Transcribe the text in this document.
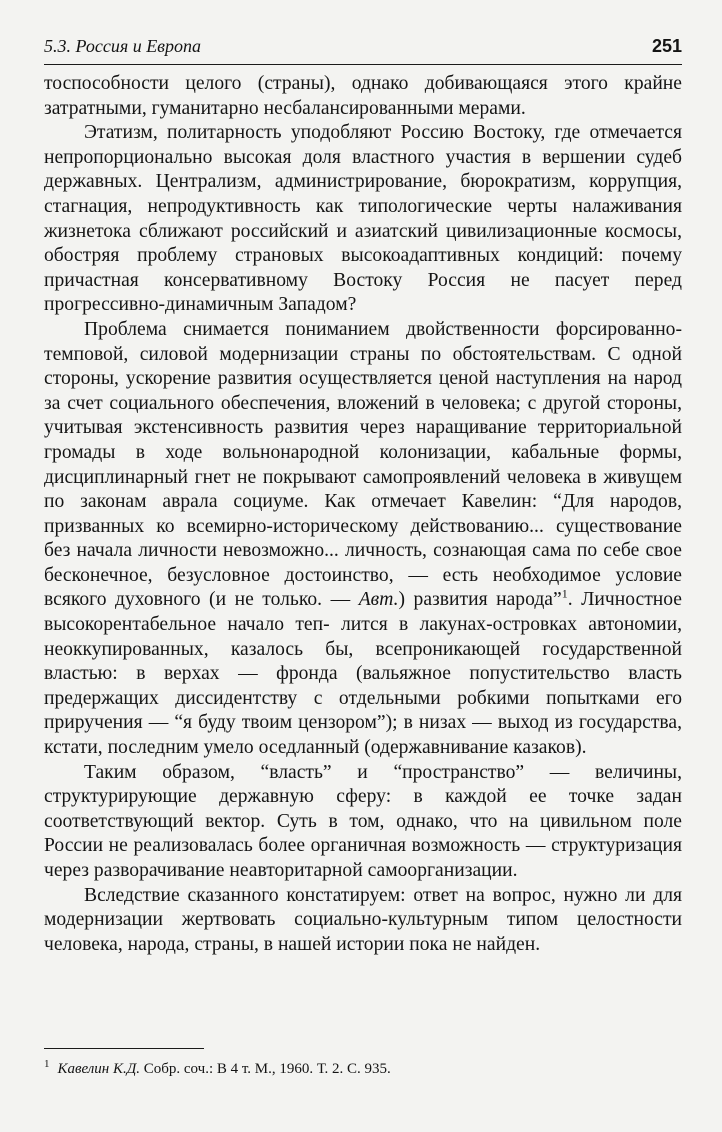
5.3. Россия и Европа	251

тоспособности целого (страны), однако добивающаяся этого крайне затратными, гуманитарно несбалансированными мерами.

Этатизм, политарность уподобляют Россию Востоку, где отмечается непропорционально высокая доля властного участия в вершении судеб державных. Централизм, администрирование, бюрократизм, коррупция, стагнация, непродуктивность как типологические черты налаживания жизнетока сближают российский и азиатский цивилизационные космосы, обостряя проблему страновых высокоадаптивных кондиций: почему причастная консервативному Востоку Россия не пасует перед прогрессивно-динамичным Западом?

Проблема снимается пониманием двойственности форсированно-темповой, силовой модернизации страны по обстоятельствам. С одной стороны, ускорение развития осуществляется ценой наступления на народ за счет социального обеспечения, вложений в человека; с другой стороны, учитывая экстенсивность развития через наращивание территориальной громады в ходе вольнонародной колонизации, кабальные формы, дисциплинарный гнет не покрывают самопроявлений человека в живущем по законам аврала социуме. Как отмечает Кавелин: “Для народов, призванных ко всемирно-историческому действованию... существование без начала личности невозможно... личность, сознающая сама по себе свое бесконечное, безусловное достоинство, — есть необходимое условие всякого духовного (и не только. — Авт.) развития народа”$^1$. Личностное высокорентабельное начало теп- лится в лакунах-островках автономии, неоккупированных, казалось бы, всепроникающей государственной властью: в верхах — фронда (вальяжное попустительство власть предержащих диссидентству с отдельными робкими попытками его приручения — “я буду твоим цензором”); в низах — выход из государства, кстати, последним умело оседланный (одержавнивание казаков).

Таким образом, “власть” и “пространство” — величины, структурирующие державную сферу: в каждой ее точке задан соответствующий вектор. Суть в том, однако, что на цивильном поле России не реализовалась более органичная возможность — структуризация через разворачивание неавторитарной самоорганизации.

Вследствие сказанного констатируем: ответ на вопрос, нужно ли для модернизации жертвовать социально-культурным типом целостности человека, народа, страны, в нашей истории пока не найден.

$^1$ Кавелин К.Д. Собр. соч.: В 4 т. М., 1960. Т. 2. С. 935.
